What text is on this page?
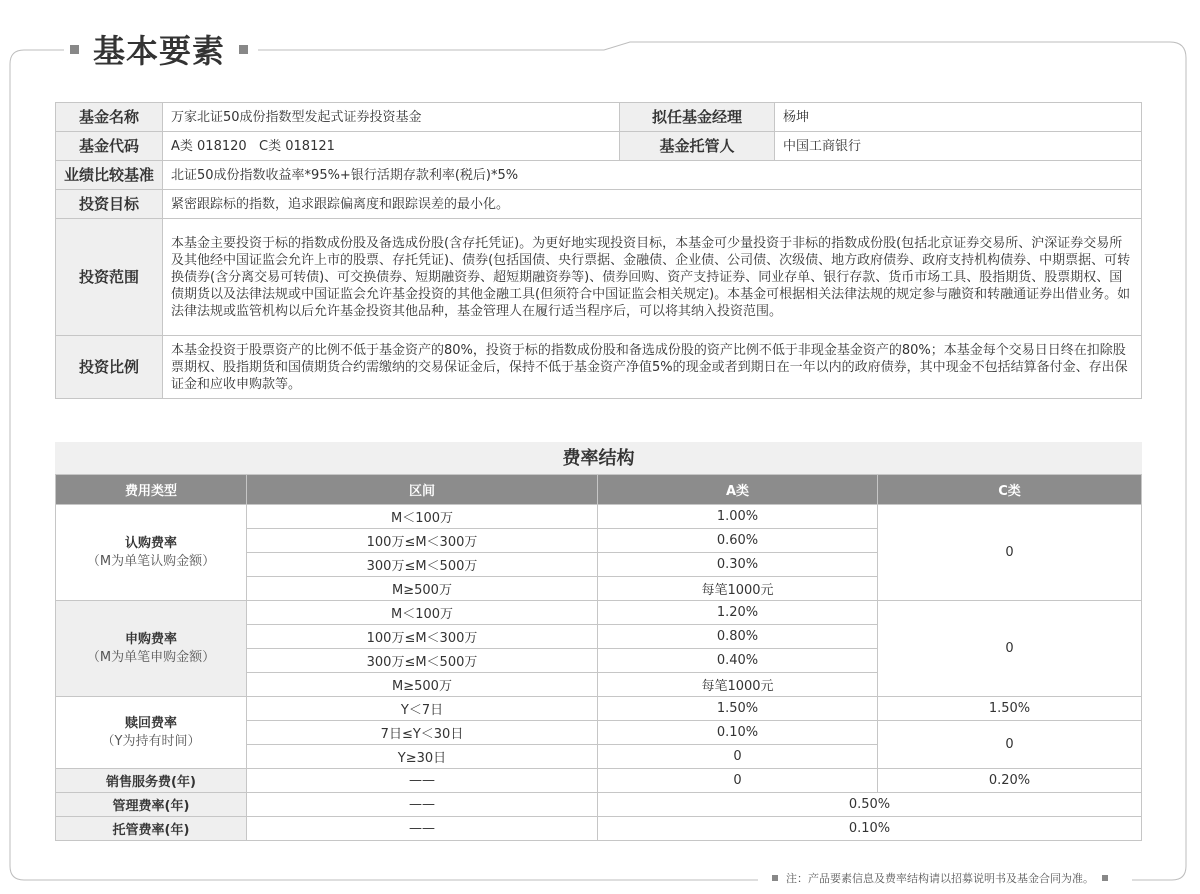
基本要素
基金名称	万家北证50成份指数型发起式证券投资基金	拟任基金经理	杨坤
基金代码	A类 018120   C类 018121	基金托管人	中国工商银行
业绩比较基准	北证50成份指数收益率*95%+银行活期存款利率(税后)*5%		
投资目标	紧密跟踪标的指数，追求跟踪偏离度和跟踪误差的最小化。		
投资范围	本基金主要投资于标的指数成份股及备选成份股(含存托凭证)。为更好地实现投资目标，本基金可少量投资于非标的指数成份股(包括北京证券交易所、沪深证券交易所及其他经中国证监会允许上市的股票、存托凭证)、债券(包括国债、央行票据、金融债、企业债、公司债、次级债、地方政府债券、政府支持机构债券、中期票据、可转换债券(含分离交易可转债)、可交换债券、短期融资券、超短期融资券等)、债券回购、资产支持证券、同业存单、银行存款、货币市场工具、股指期货、股票期权、国债期货以及法律法规或中国证监会允许基金投资的其他金融工具(但须符合中国证监会相关规定)。本基金可根据相关法律法规的规定参与融资和转融通证券出借业务。如法律法规或监管机构以后允许基金投资其他品种，基金管理人在履行适当程序后，可以将其纳入投资范围。		
投资比例	本基金投资于股票资产的比例不低于基金资产的80%，投资于标的指数成份股和备选成份股的资产比例不低于非现金基金资产的80%；本基金每个交易日日终在扣除股票期权、股指期货和国债期货合约需缴纳的交易保证金后，保持不低于基金资产净值5%的现金或者到期日在一年以内的政府债券，其中现金不包括结算备付金、存出保证金和应收申购款等。		
费率结构
费用类型	区间	A类	C类

认购费率
（M为单笔认购金额）	M＜100万	1.00%	0
	100万≤M＜300万	0.60%	
	300万≤M＜500万	0.30%	
	M≥500万	每笔1000元	

申购费率
（M为单笔申购金额）	M＜100万	1.20%	0
	100万≤M＜300万	0.80%	
	300万≤M＜500万	0.40%	
	M≥500万	每笔1000元	

赎回费率
（Y为持有时间）	Y＜7日	1.50%	1.50%
	7日≤Y＜30日	0.10%	0
	Y≥30日	0	
销售服务费(年)	——	0	0.20%
管理费率(年)	——	0.50%	
托管费率(年)	——	0.10%	
注：产品要素信息及费率结构请以招募说明书及基金合同为准。
